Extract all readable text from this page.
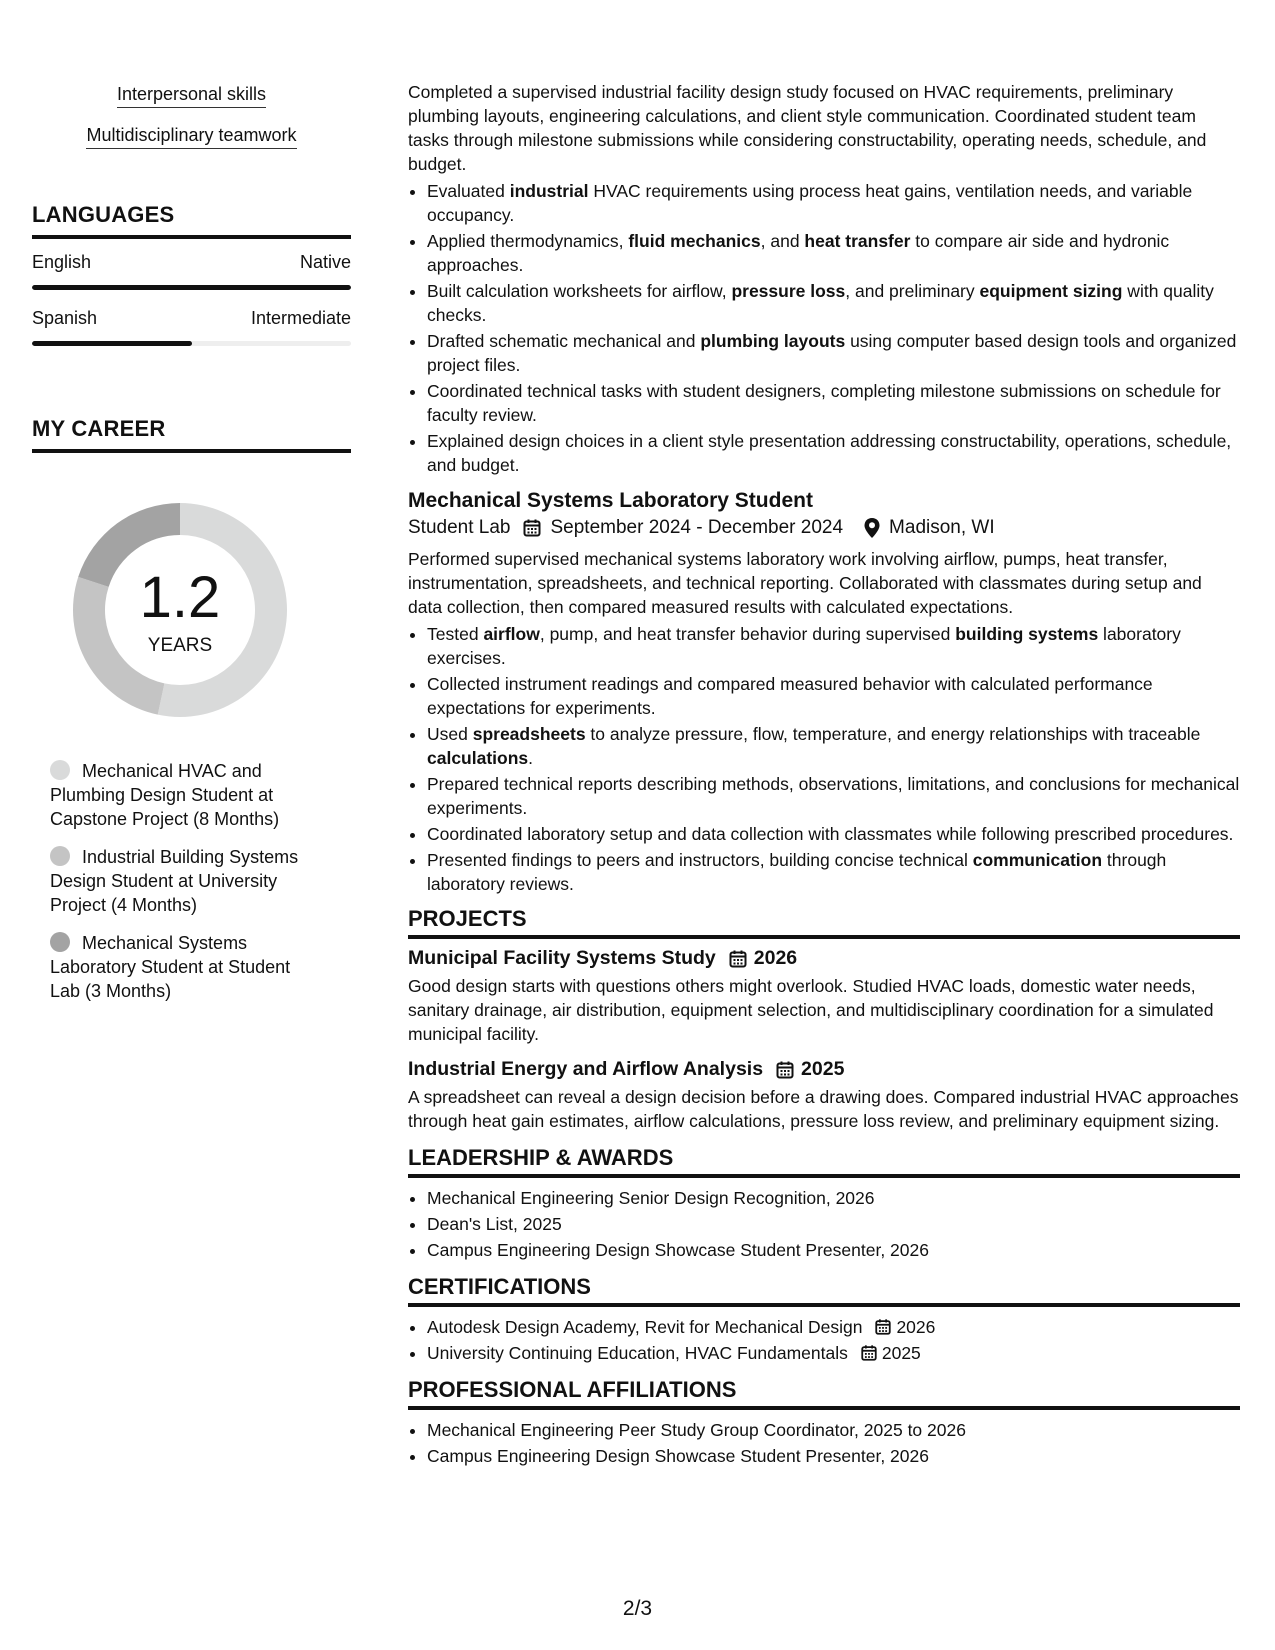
Interpersonal skills
Multidisciplinary teamwork
LANGUAGES
English	Native
Spanish	Intermediate
MY CAREER
1.2
YEARS
Mechanical HVAC and Plumbing Design Student at Capstone Project (8 Months)
Industrial Building Systems Design Student at University Project (4 Months)
Mechanical Systems Laboratory Student at Student Lab (3 Months)

Completed a supervised industrial facility design study focused on HVAC requirements, preliminary plumbing layouts, engineering calculations, and client style communication. Coordinated student team tasks through milestone submissions while considering constructability, operating needs, schedule, and budget.

• Evaluated industrial HVAC requirements using process heat gains, ventilation needs, and variable occupancy.
• Applied thermodynamics, fluid mechanics, and heat transfer to compare air side and hydronic approaches.
• Built calculation worksheets for airflow, pressure loss, and preliminary equipment sizing with quality checks.
• Drafted schematic mechanical and plumbing layouts using computer based design tools and organized project files.
• Coordinated technical tasks with student designers, completing milestone submissions on schedule for faculty review.
• Explained design choices in a client style presentation addressing constructability, operations, schedule, and budget.
Mechanical Systems Laboratory Student
Student Lab September 2024 - December 2024 Madison, WI

Performed supervised mechanical systems laboratory work involving airflow, pumps, heat transfer, instrumentation, spreadsheets, and technical reporting. Collaborated with classmates during setup and data collection, then compared measured results with calculated expectations.

• Tested airflow, pump, and heat transfer behavior during supervised building systems laboratory exercises.
• Collected instrument readings and compared measured behavior with calculated performance expectations for experiments.
• Used spreadsheets to analyze pressure, flow, temperature, and energy relationships with traceable calculations.
• Prepared technical reports describing methods, observations, limitations, and conclusions for mechanical experiments.
• Coordinated laboratory setup and data collection with classmates while following prescribed procedures.
• Presented findings to peers and instructors, building concise technical communication through laboratory reviews.
PROJECTS
Municipal Facility Systems Study 2026

Good design starts with questions others might overlook. Studied HVAC loads, domestic water needs, sanitary drainage, air distribution, equipment selection, and multidisciplinary coordination for a simulated municipal facility.

Industrial Energy and Airflow Analysis 2025

A spreadsheet can reveal a design decision before a drawing does. Compared industrial HVAC approaches through heat gain estimates, airflow calculations, pressure loss review, and preliminary equipment sizing.

LEADERSHIP & AWARDS
• Mechanical Engineering Senior Design Recognition, 2026
• Dean's List, 2025
• Campus Engineering Design Showcase Student Presenter, 2026
CERTIFICATIONS
• Autodesk Design Academy, Revit for Mechanical Design 2026
• University Continuing Education, HVAC Fundamentals 2025
PROFESSIONAL AFFILIATIONS
• Mechanical Engineering Peer Study Group Coordinator, 2025 to 2026
• Campus Engineering Design Showcase Student Presenter, 2026
2/3
